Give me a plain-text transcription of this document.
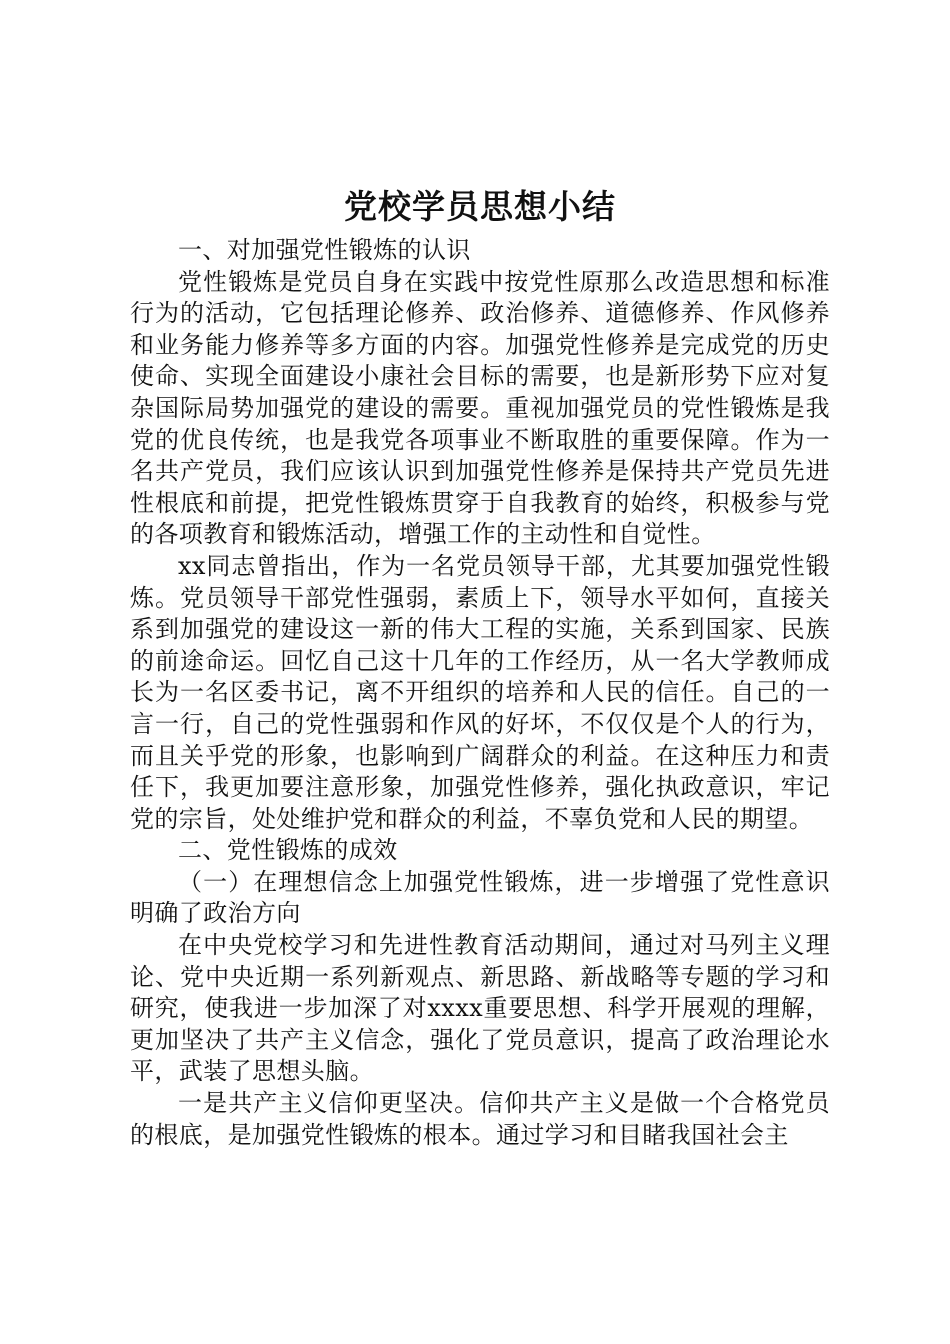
党校学员思想小结

一、对加强党性锻炼的认识

党性锻炼是党员自身在实践中按党性原那么改造思想和标准行为的活动，它包括理论修养、政治修养、道德修养、作风修养和业务能力修养等多方面的内容。加强党性修养是完成党的历史使命、实现全面建设小康社会目标的需要，也是新形势下应对复杂国际局势加强党的建设的需要。重视加强党员的党性锻炼是我党的优良传统，也是我党各项事业不断取胜的重要保障。作为一名共产党员，我们应该认识到加强党性修养是保持共产党员先进性根底和前提，把党性锻炼贯穿于自我教育的始终，积极参与党的各项教育和锻炼活动，增强工作的主动性和自觉性。

xx同志曾指出，作为一名党员领导干部，尤其要加强党性锻炼。党员领导干部党性强弱，素质上下，领导水平如何，直接关系到加强党的建设这一新的伟大工程的实施，关系到国家、民族的前途命运。回忆自己这十几年的工作经历，从一名大学教师成长为一名区委书记，离不开组织的培养和人民的信任。自己的一言一行，自己的党性强弱和作风的好坏，不仅仅是个人的行为，而且关乎党的形象，也影响到广阔群众的利益。在这种压力和责任下，我更加要注意形象，加强党性修养，强化执政意识，牢记党的宗旨，处处维护党和群众的利益，不辜负党和人民的期望。

二、党性锻炼的成效

（一）在理想信念上加强党性锻炼，进一步增强了党性意识明确了政治方向

在中央党校学习和先进性教育活动期间，通过对马列主义理论、党中央近期一系列新观点、新思路、新战略等专题的学习和研究，使我进一步加深了对xxxx重要思想、科学开展观的理解，更加坚决了共产主义信念，强化了党员意识，提高了政治理论水平，武装了思想头脑。

一是共产主义信仰更坚决。信仰共产主义是做一个合格党员的根底，是加强党性锻炼的根本。通过学习和目睹我国社会主
